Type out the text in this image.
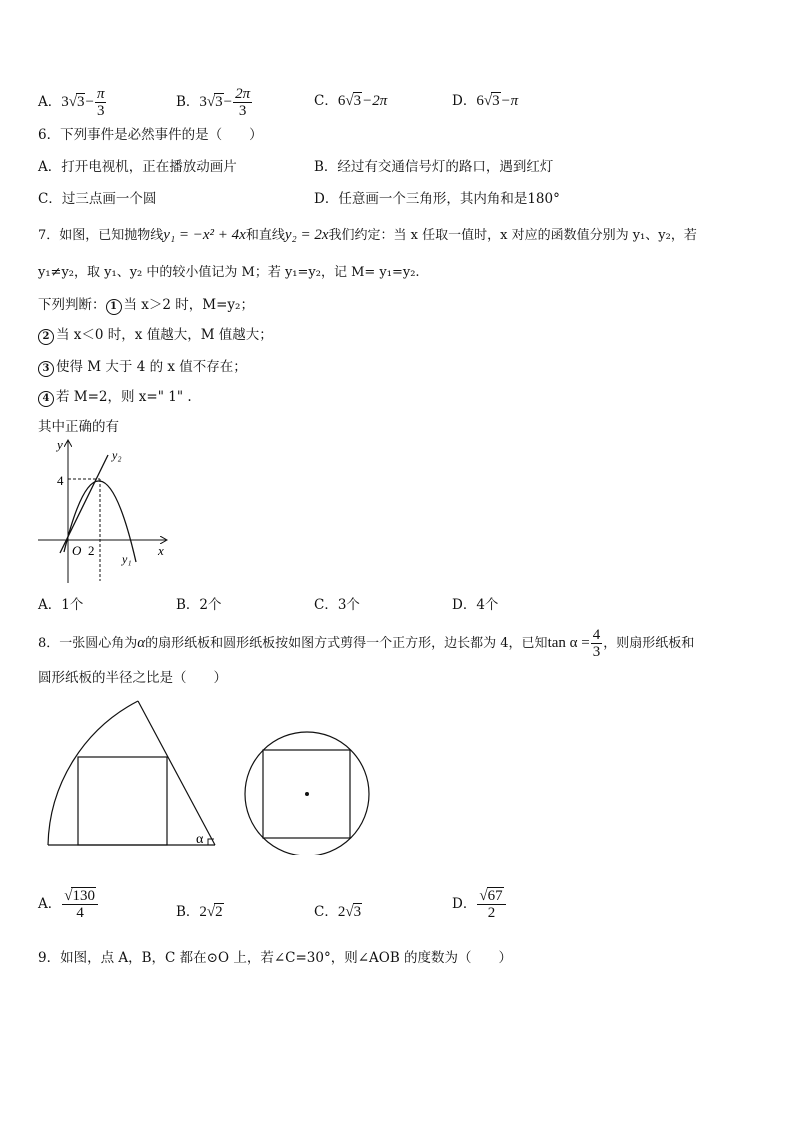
A．$3√3- \frac{\pi}{3}$	B．$3√3- \frac{2\pi}{3}$	C．6√3−2π	D．6√3−π
6．下列事件是必然事件的是（　　）
A．打开电视机，正在播放动画片	B．经过有交通信号灯的路口，遇到红灯
C．过三点画一个圆	D．任意画一个三角形，其内角和是180°
7．如图，已知抛物线y₁ = −x² + 4x和直线y₂ = 2x我们约定：当 x 任取一值时，x 对应的函数值分别为 y₁、y₂，若
y₁≠y₂，取 y₁、y₂ 中的较小值记为 M；若 y₁=y₂，记 M= y₁=y₂.
下列判断： 1 当 x＞2 时，M=y₂；
2 当 x＜0 时，x 值越大，M 值越大；
3 使得 M 大于 4 的 x 值不存在；
4 若 M=2，则 x=" 1" .
其中正确的有
y
x
O 2
4
y₂
y₁
A．1个	B．2个	C．3个	D．4个
8．一张圆心角为α的扇形纸板和圆形纸板按如图方式剪得一个正方形，边长都为 4，已知$\tan \alpha = \frac{4}{3}$ ，则扇形纸板和
圆形纸板的半径之比是（　　）
α
A． $\frac{√130}{4}$	B．2√2	C．2√3	D． $\frac{√67}{2}$
9．如图，点 A，B，C 都在⊙O 上，若∠C=30°，则∠AOB 的度数为（　　）
